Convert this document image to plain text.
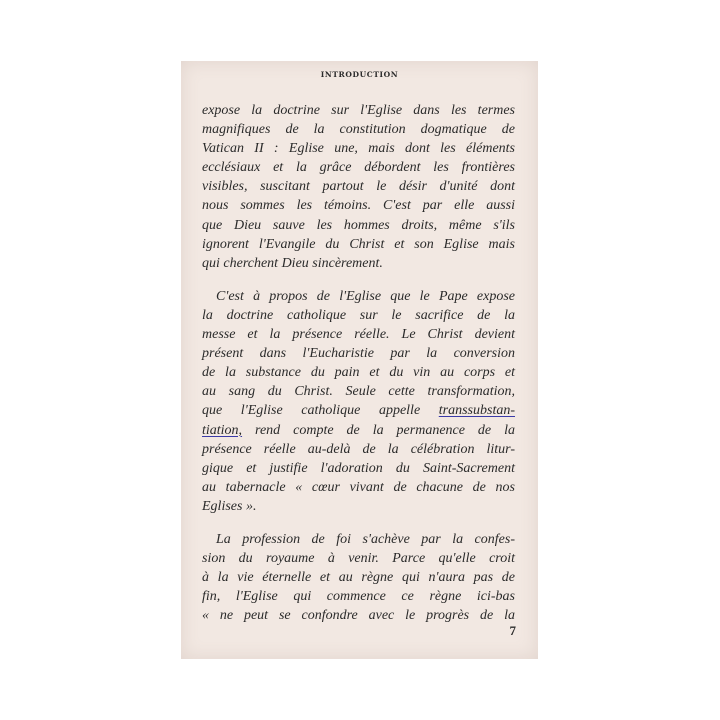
INTRODUCTION

expose la doctrine sur l'Eglise dans les termes
magnifiques de la constitution dogmatique de
Vatican II : Eglise une, mais dont les éléments
ecclésiaux et la grâce débordent les frontières
visibles, suscitant partout le désir d'unité dont
nous sommes les témoins. C'est par elle aussi
que Dieu sauve les hommes droits, même s'ils
ignorent l'Evangile du Christ et son Eglise mais
qui cherchent Dieu sincèrement.

C'est à propos de l'Eglise que le Pape expose
la doctrine catholique sur le sacrifice de la
messe et la présence réelle. Le Christ devient
présent dans l'Eucharistie par la conversion
de la substance du pain et du vin au corps et
au sang du Christ. Seule cette transformation,
que l'Eglise catholique appelle transsubstan-
tiation, rend compte de la permanence de la
présence réelle au-delà de la célébration litur-
gique et justifie l'adoration du Saint-Sacrement
au tabernacle « cœur vivant de chacune de nos
Eglises ».

La profession de foi s'achève par la confes-
sion du royaume à venir. Parce qu'elle croit
à la vie éternelle et au règne qui n'aura pas de
fin, l'Eglise qui commence ce règne ici-bas
« ne peut se confondre avec le progrès de la

7
